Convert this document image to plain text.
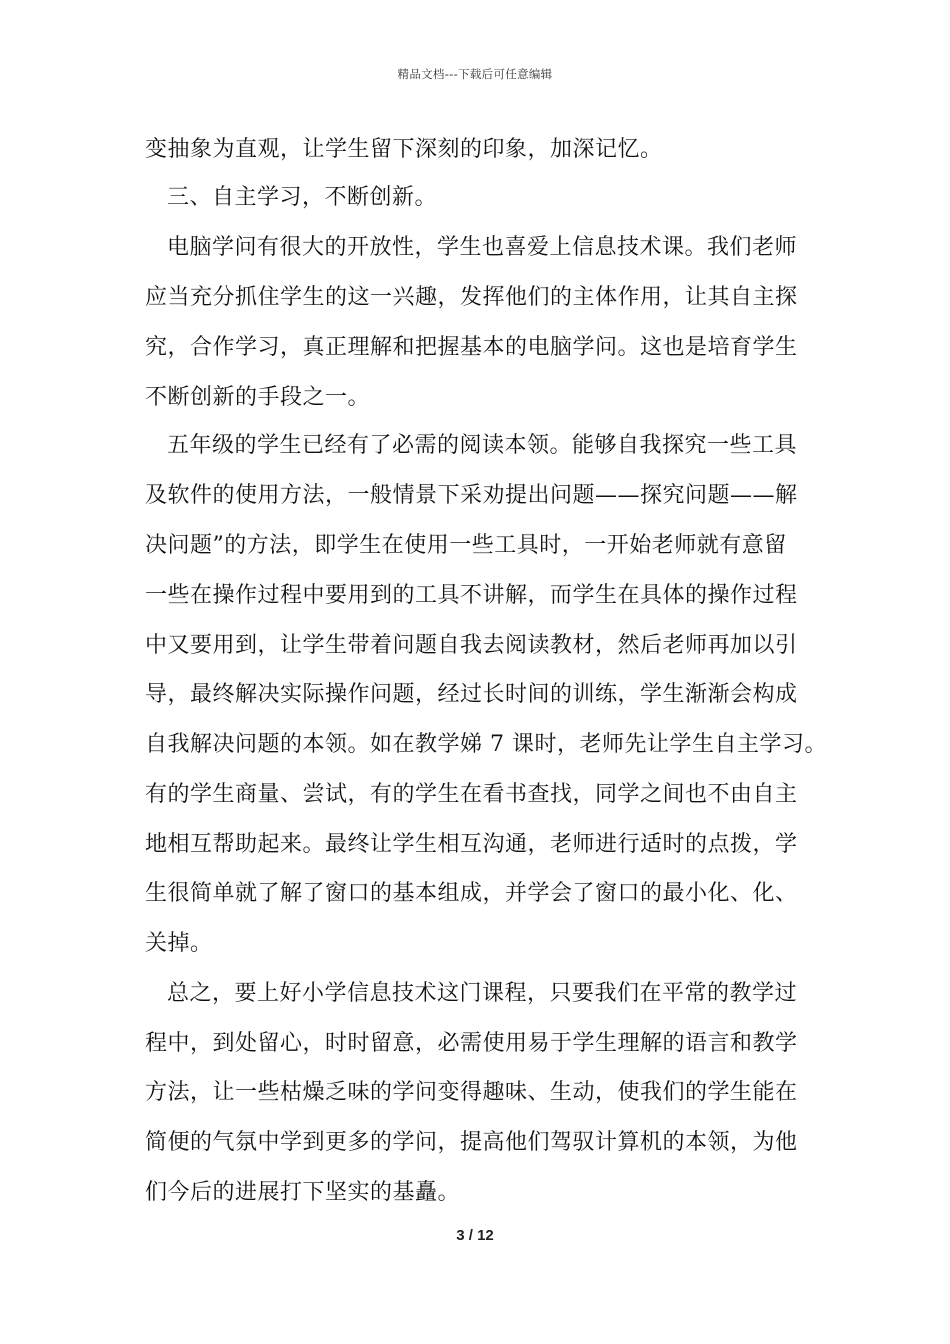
精品文档---下载后可任意编辑

变抽象为直观，让学生留下深刻的印象，加深记忆。

三、自主学习，不断创新。

电脑学问有很大的开放性，学生也喜爱上信息技术课。我们老师

应当充分抓住学生的这一兴趣，发挥他们的主体作用，让其自主探

究，合作学习，真正理解和把握基本的电脑学问。这也是培育学生

不断创新的手段之一。

五年级的学生已经有了必需的阅读本领。能够自我探究一些工具

及软件的使用方法，一般情景下采劝提出问题——探究问题——解

决问题”的方法，即学生在使用一些工具时，一开始老师就有意留

一些在操作过程中要用到的工具不讲解，而学生在具体的操作过程

中又要用到，让学生带着问题自我去阅读教材，然后老师再加以引

导，最终解决实际操作问题，经过长时间的训练，学生渐渐会构成

自我解决问题的本领。如在教学娣 7 课时，老师先让学生自主学习。

有的学生商量、尝试，有的学生在看书查找，同学之间也不由自主

地相互帮助起来。最终让学生相互沟通，老师进行适时的点拨，学

生很简单就了解了窗口的基本组成，并学会了窗口的最小化、化、

关掉。

总之，要上好小学信息技术这门课程，只要我们在平常的教学过

程中，到处留心，时时留意，必需使用易于学生理解的语言和教学

方法，让一些枯燥乏味的学问变得趣味、生动，使我们的学生能在

简便的气氛中学到更多的学问，提高他们驾驭计算机的本领，为他

们今后的进展打下坚实的基矗。

3 / 12
